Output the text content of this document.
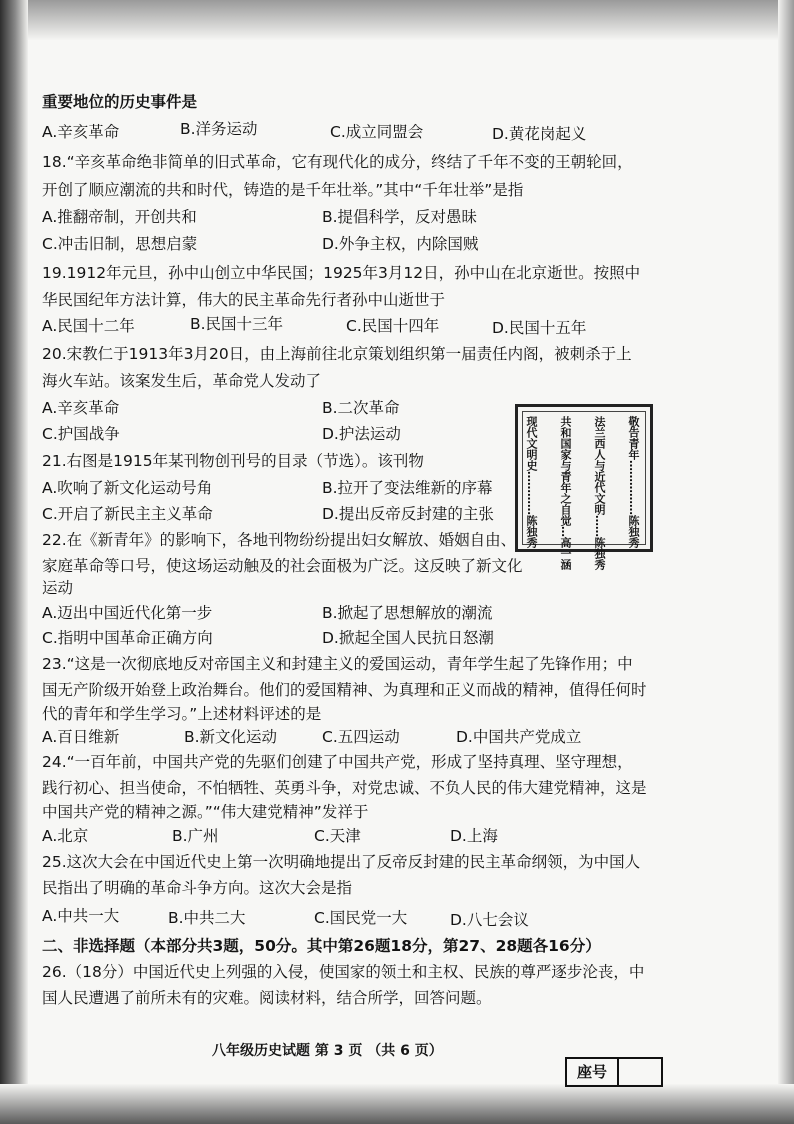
重要地位的历史事件是
A.辛亥革命	B.洋务运动	C.成立同盟会	D.黄花岗起义
18.“辛亥革命绝非简单的旧式革命，它有现代化的成分，终结了千年不变的王朝轮回，
开创了顺应潮流的共和时代，铸造的是千年壮举。”其中“千年壮举”是指
A.推翻帝制，开创共和	B.提倡科学，反对愚昧
C.冲击旧制，思想启蒙	D.外争主权，内除国贼
19.1912年元旦，孙中山创立中华民国；1925年3月12日，孙中山在北京逝世。按照中
华民国纪年方法计算，伟大的民主革命先行者孙中山逝世于
A.民国十二年	B.民国十三年	C.民国十四年	D.民国十五年
20.宋教仁于1913年3月20日，由上海前往北京策划组织第一届责任内阁，被刺杀于上
海火车站。该案发生后，革命党人发动了
A.辛亥革命	B.二次革命
C.护国战争	D.护法运动
21.右图是1915年某刊物创刊号的目录（节选）。该刊物
A.吹响了新文化运动号角	B.拉开了变法维新的序幕
C.开启了新民主主义革命	D.提出反帝反封建的主张
敬告青年……………陈独秀
法兰西人与近代文明……陈独秀
共和国家与青年之自觉…高一涵
现代文明史…………陈独秀
22.在《新青年》的影响下，各地刊物纷纷提出妇女解放、婚姻自由、
家庭革命等口号，使这场运动触及的社会面极为广泛。这反映了新文化
运动
A.迈出中国近代化第一步	B.掀起了思想解放的潮流
C.指明中国革命正确方向	D.掀起全国人民抗日怒潮
23.“这是一次彻底地反对帝国主义和封建主义的爱国运动，青年学生起了先锋作用；中
国无产阶级开始登上政治舞台。他们的爱国精神、为真理和正义而战的精神，值得任何时
代的青年和学生学习。”上述材料评述的是
A.百日维新	B.新文化运动	C.五四运动	D.中国共产党成立
24.“一百年前，中国共产党的先驱们创建了中国共产党，形成了坚持真理、坚守理想，
践行初心、担当使命，不怕牺牲、英勇斗争，对党忠诚、不负人民的伟大建党精神，这是
中国共产党的精神之源。”“伟大建党精神”发祥于
A.北京	B.广州	C.天津	D.上海
25.这次大会在中国近代史上第一次明确地提出了反帝反封建的民主革命纲领，为中国人
民指出了明确的革命斗争方向。这次大会是指
A.中共一大	B.中共二大	C.国民党一大	D.八七会议
二、非选择题（本部分共3题，50分。其中第26题18分，第27、28题各16分）
26.（18分）中国近代史上列强的入侵，使国家的领土和主权、民族的尊严逐步沦丧，中
国人民遭遇了前所未有的灾难。阅读材料，结合所学，回答问题。
八年级历史试题 第 3 页 （共 6 页）
座号
